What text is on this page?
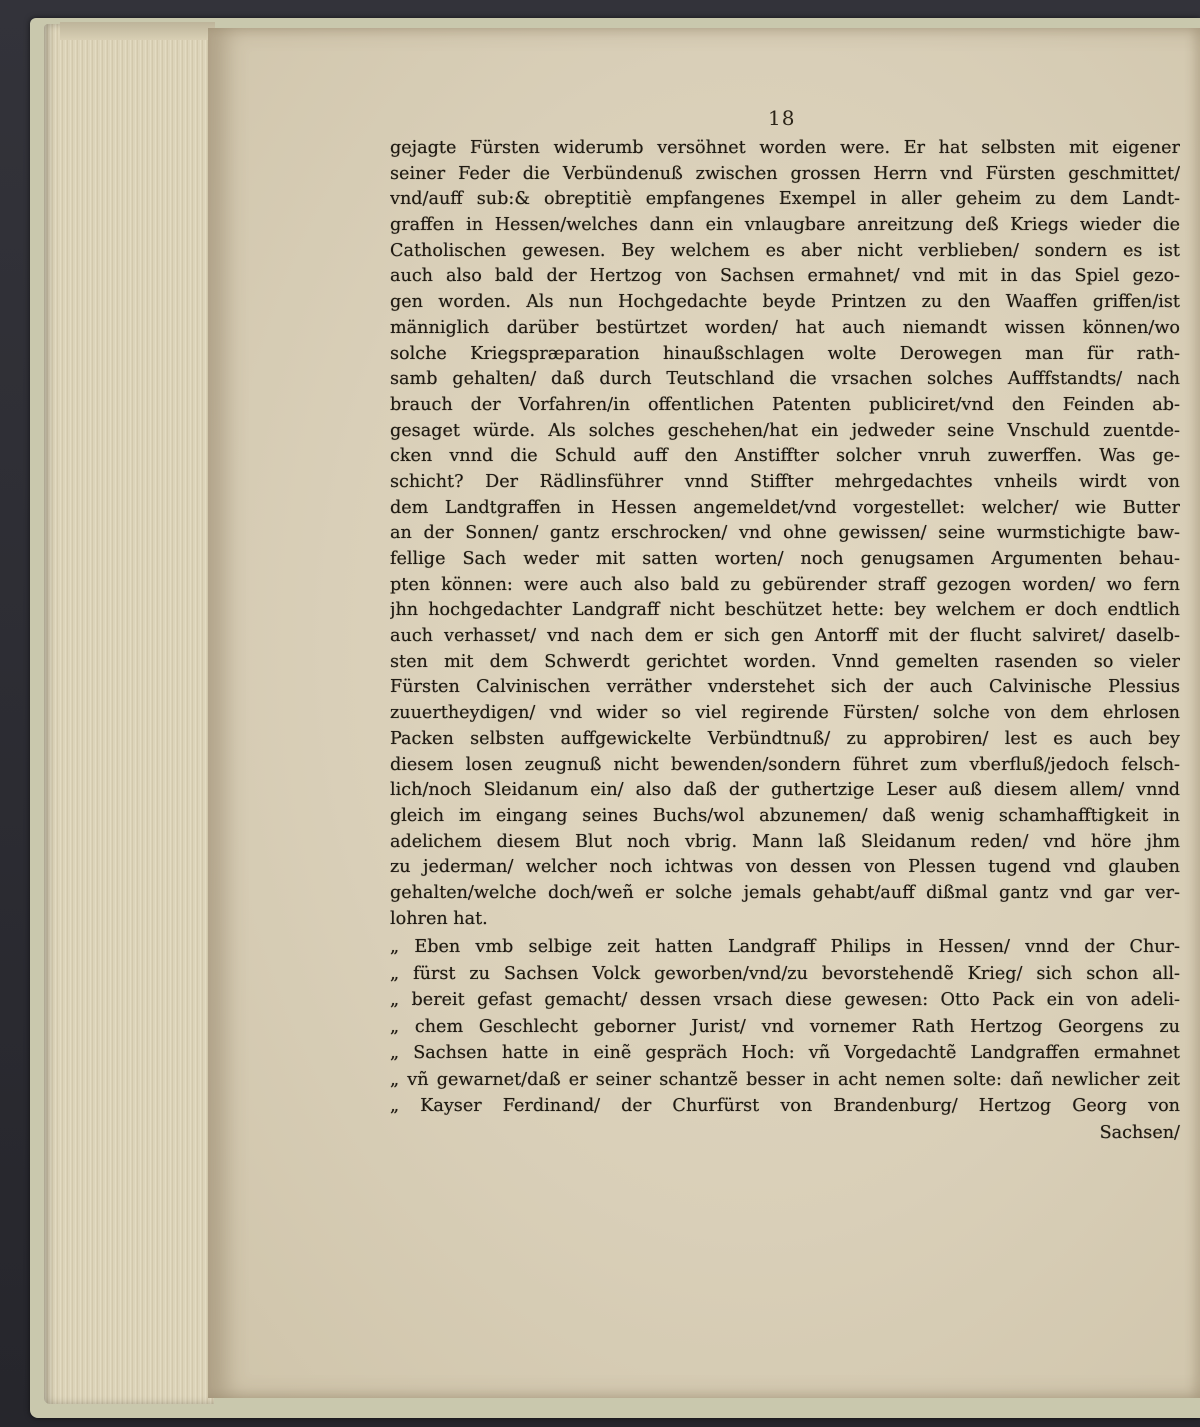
18
gejagte Fürsten widerumb versöhnet worden were. Er hat selbsten mit eigener
seiner Feder die Verbündenuß zwischen grossen Herrn vnd Fürsten geschmittet/
vnd/auff sub:& obreptitiè empfangenes Exempel in aller geheim zu dem Landt-
graffen in Hessen/welches dann ein vnlaugbare anreitzung deß Kriegs wieder die
Catholischen gewesen. Bey welchem es aber nicht verblieben/ sondern es ist
auch also bald der Hertzog von Sachsen ermahnet/ vnd mit in das Spiel gezo-
gen worden. Als nun Hochgedachte beyde Printzen zu den Waaffen griffen/ist
männiglich darüber bestürtzet worden/ hat auch niemandt wissen können/wo
solche Kriegspræparation hinaußschlagen wolte Derowegen man für rath-
samb gehalten/ daß durch Teutschland die vrsachen solches Aufffstandts/ nach
brauch der Vorfahren/in offentlichen Patenten publiciret/vnd den Feinden ab-
gesaget würde. Als solches geschehen/hat ein jedweder seine Vnschuld zuentde-
cken vnnd die Schuld auff den Anstiffter solcher vnruh zuwerffen. Was ge-
schicht? Der Rädlinsführer vnnd Stiffter mehrgedachtes vnheils wirdt von
dem Landtgraffen in Hessen angemeldet/vnd vorgestellet: welcher/ wie Butter
an der Sonnen/ gantz erschrocken/ vnd ohne gewissen/ seine wurmstichigte baw-
fellige Sach weder mit satten worten/ noch genugsamen Argumenten behau-
pten können: were auch also bald zu gebürender straff gezogen worden/ wo fern
jhn hochgedachter Landgraff nicht beschützet hette: bey welchem er doch endtlich
auch verhasset/ vnd nach dem er sich gen Antorff mit der flucht salviret/ daselb-
sten mit dem Schwerdt gerichtet worden. Vnnd gemelten rasenden so vieler
Fürsten Calvinischen verräther vnderstehet sich der auch Calvinische Plessius
zuuertheydigen/ vnd wider so viel regirende Fürsten/ solche von dem ehrlosen
Packen selbsten auffgewickelte Verbündtnuß/ zu approbiren/ lest es auch bey
diesem losen zeugnuß nicht bewenden/sondern führet zum vberfluß/jedoch felsch-
lich/noch Sleidanum ein/ also daß der guthertzige Leser auß diesem allem/ vnnd
gleich im eingang seines Buchs/wol abzunemen/ daß wenig schamhafftigkeit in
adelichem diesem Blut noch vbrig. Mann laß Sleidanum reden/ vnd höre jhm
zu jederman/ welcher noch ichtwas von dessen von Plessen tugend vnd glauben
gehalten/welche doch/weñ er solche jemals gehabt/auff dißmal gantz vnd gar ver-
lohren hat.
„ Eben vmb selbige zeit hatten Landgraff Philips in Hessen/ vnnd der Chur-
„ fürst zu Sachsen Volck geworben/vnd/zu bevorstehendẽ Krieg/ sich schon all-
„ bereit gefast gemacht/ dessen vrsach diese gewesen: Otto Pack ein von adeli-
„ chem Geschlecht geborner Jurist/ vnd vornemer Rath Hertzog Georgens zu
„ Sachsen hatte in einẽ gespräch Hoch: vñ Vorgedachtẽ Landgraffen ermahnet
„ vñ gewarnet/daß er seiner schantzẽ besser in acht nemen solte: dañ newlicher zeit
„ Kayser Ferdinand/ der Churfürst von Brandenburg/ Hertzog Georg von
Sachsen/
